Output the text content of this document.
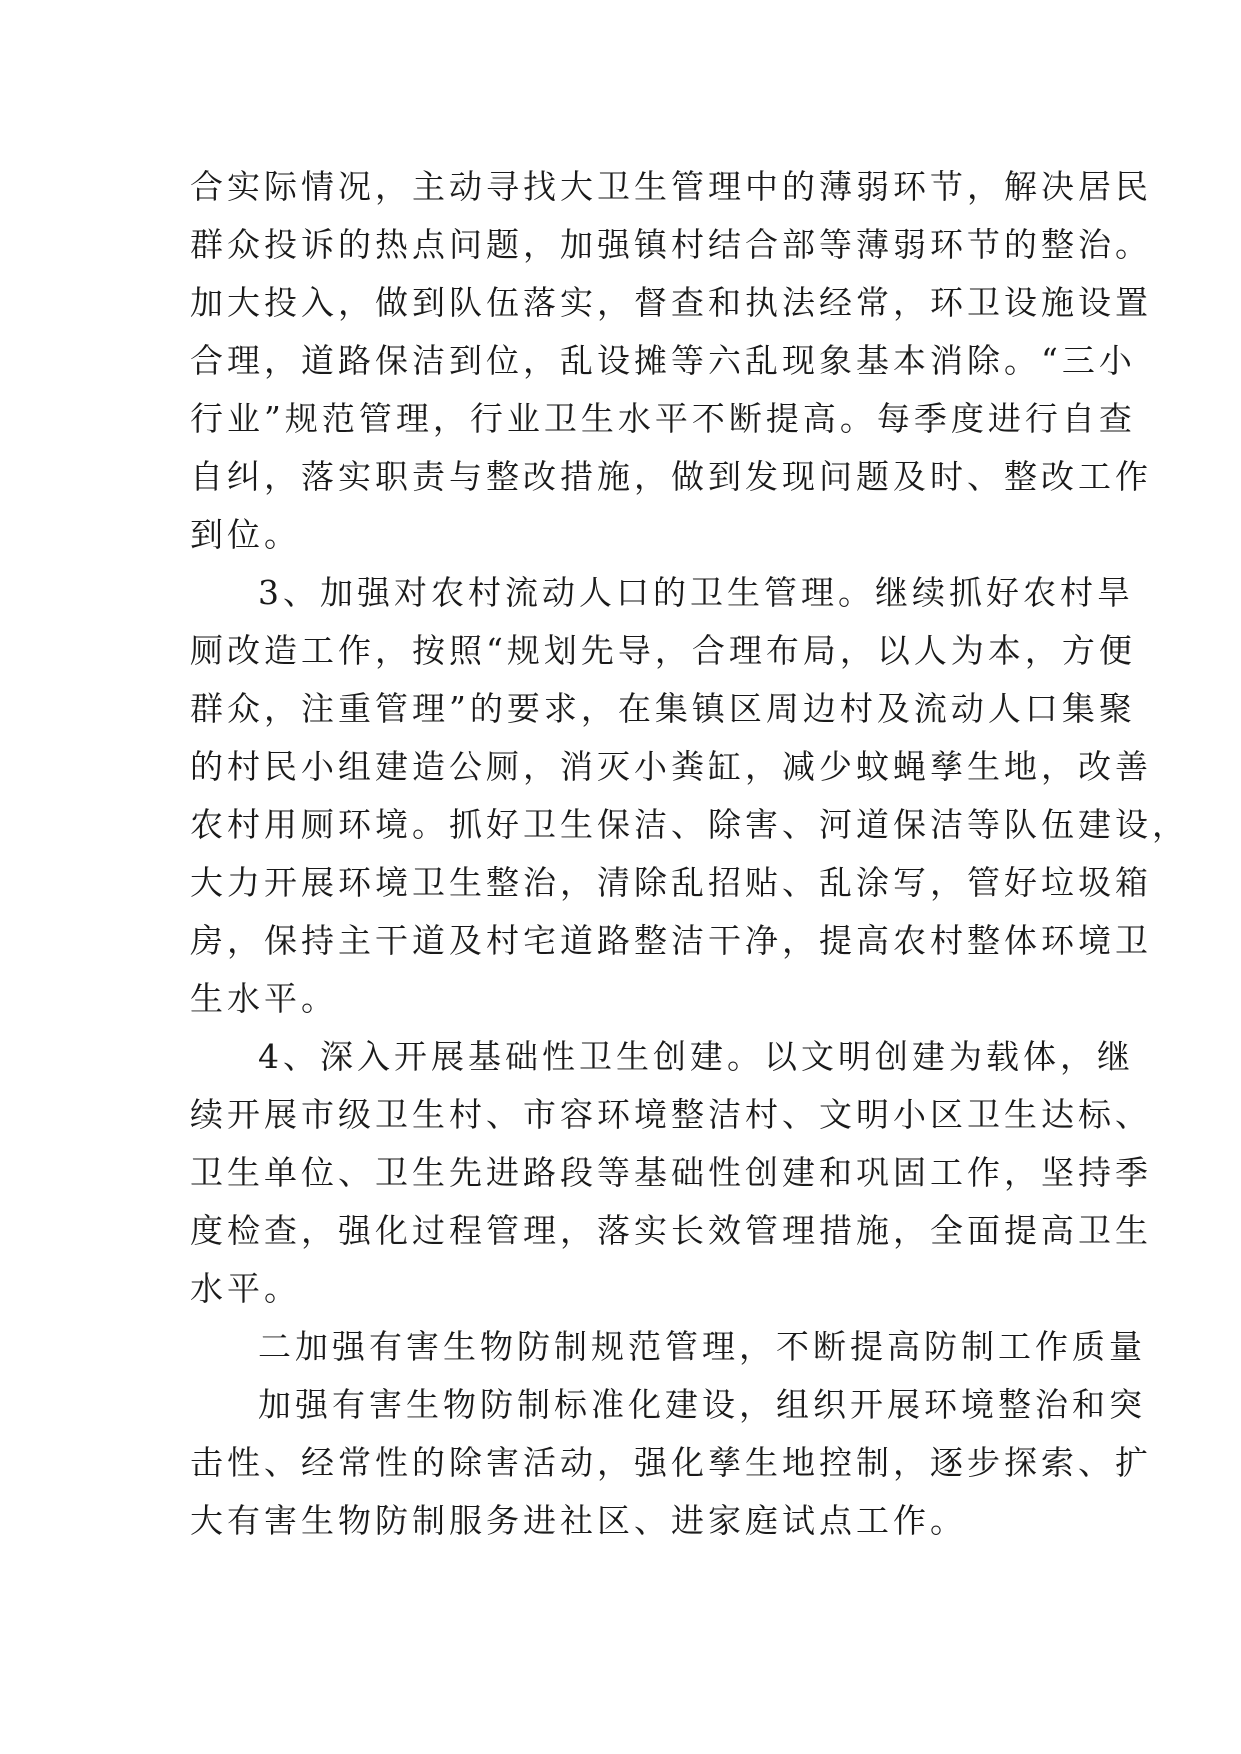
合实际情况，主动寻找大卫生管理中的薄弱环节，解决居民
群众投诉的热点问题，加强镇村结合部等薄弱环节的整治。
加大投入，做到队伍落实，督查和执法经常，环卫设施设置
合理，道路保洁到位，乱设摊等六乱现象基本消除。“三小
行业”规范管理，行业卫生水平不断提高。每季度进行自查
自纠，落实职责与整改措施，做到发现问题及时、整改工作
到位。
3、加强对农村流动人口的卫生管理。继续抓好农村旱
厕改造工作，按照“规划先导，合理布局，以人为本，方便
群众，注重管理”的要求，在集镇区周边村及流动人口集聚
的村民小组建造公厕，消灭小粪缸，减少蚊蝇孳生地，改善
农村用厕环境。抓好卫生保洁、除害、河道保洁等队伍建设，
大力开展环境卫生整治，清除乱招贴、乱涂写，管好垃圾箱
房，保持主干道及村宅道路整洁干净，提高农村整体环境卫
生水平。
4、深入开展基础性卫生创建。以文明创建为载体，继
续开展市级卫生村、市容环境整洁村、文明小区卫生达标、
卫生单位、卫生先进路段等基础性创建和巩固工作，坚持季
度检查，强化过程管理，落实长效管理措施，全面提高卫生
水平。
二加强有害生物防制规范管理，不断提高防制工作质量
加强有害生物防制标准化建设，组织开展环境整治和突
击性、经常性的除害活动，强化孳生地控制，逐步探索、扩
大有害生物防制服务进社区、进家庭试点工作。
